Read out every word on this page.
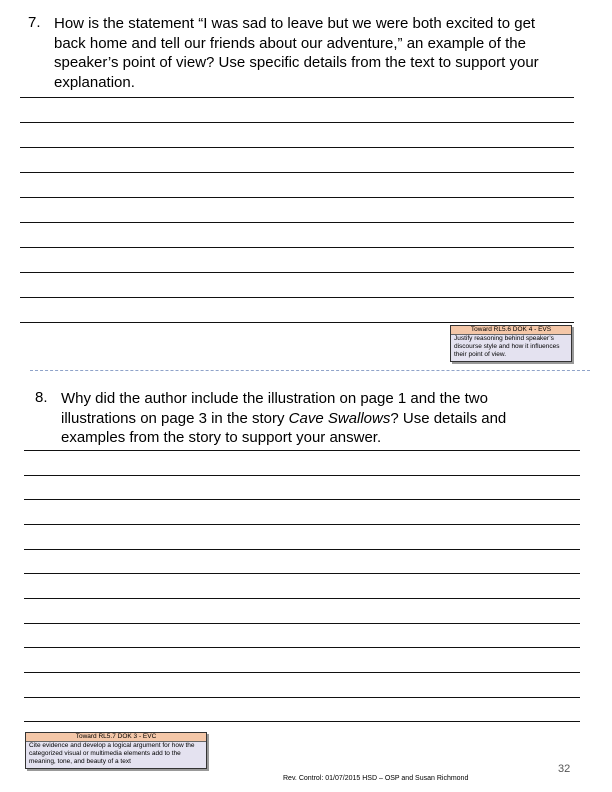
7. How is the statement “I was sad to leave but we were both excited to get back home and tell our friends about our adventure,” an example of the speaker’s point of view? Use specific details from the text to support your explanation.
Toward RL5.6 DOK 4 - EVS
Justify reasoning behind speaker’s discourse style and how it influences their point of view.
8. Why did the author include the illustration on page 1 and the two illustrations on page 3 in the story Cave Swallows? Use details and examples from the story to support your answer.
Toward RL5.7 DOK 3 - EVC
Cite evidence and develop a logical argument for how the categorized visual or multimedia elements add to the meaning, tone, and beauty of a text
Rev. Control: 01/07/2015 HSD – OSP and Susan Richmond
32
